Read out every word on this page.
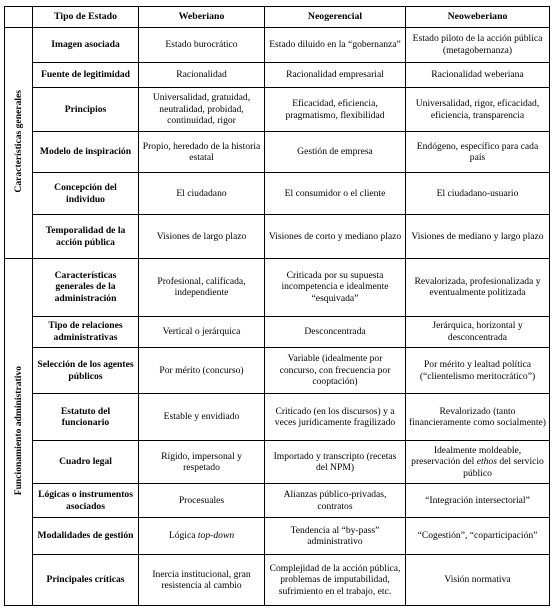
	Tipo de Estado	Weberiano	Neogerencial	Neoweberiano
Características generales	Imagen asociada	Estado burocrático	Estado diluido en la “gobernanza”	Estado piloto de la acción pública (metagobernanza)
	Fuente de legitimidad	Racionalidad	Racionalidad empresarial	Racionalidad weberiana
	Principios	Universalidad, gratuidad, neutralidad, probidad, continuidad, rigor	Eficacidad, eficiencia, pragmatismo, flexibilidad	Universalidad, rigor, eficacidad, eficiencia, transparencia
	Modelo de inspiración	Propio, heredado de la historia estatal	Gestión de empresa	Endógeno, específico para cada país
	Concepción del individuo	El ciudadano	El consumidor o el cliente	El ciudadano-usuario
	Temporalidad de la acción pública	Visiones de largo plazo	Visiones de corto y mediano plazo	Visiones de mediano y largo plazo
Funcionamiento administrativo	Características generales de la administración	Profesional, calificada, independiente	Criticada por su supuesta incompetencia e idealmente “esquivada”	Revalorizada, profesionalizada y eventualmente politizada
	Tipo de relaciones administrativas	Vertical o jerárquica	Desconcentrada	Jerárquica, horizontal y desconcentrada
	Selección de los agentes públicos	Por mérito (concurso)	Variable (idealmente por concurso, con frecuencia por cooptación)	Por mérito y lealtad política (“clientelismo meritocrático”)
	Estatuto del funcionario	Estable y envidiado	Criticado (en los discursos) y a veces jurídicamente fragilizado	Revalorizado (tanto financieramente como socialmente)
	Cuadro legal	Rígido, impersonal y respetado	Importado y transcripto (recetas del NPM)	Idealmente moldeable, preservación del ethos del servicio público
	Lógicas o instrumentos asociados	Procesuales	Alianzas público-privadas, contratos	“Integración intersectorial”
	Modalidades de gestión	Lógica top-down	Tendencia al “by-pass” administrativo	“Cogestión”, “coparticipación”
	Principales críticas	Inercia institucional, gran resistencia al cambio	Complejidad de la acción pública, problemas de imputabilidad, sufrimiento en el trabajo, etc.	Visión normativa
